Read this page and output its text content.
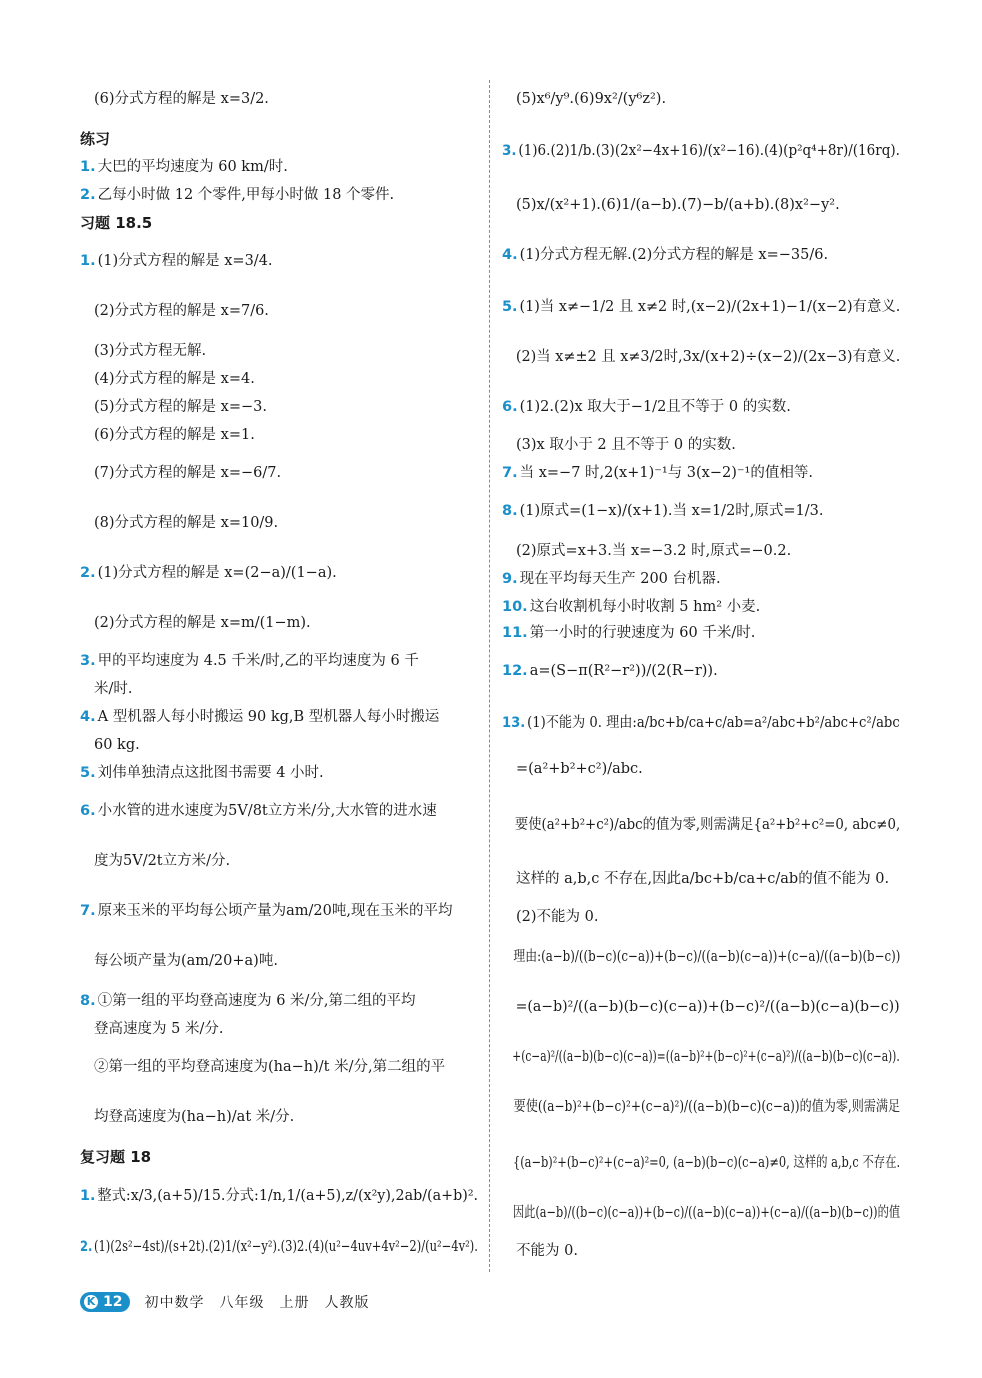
(6)分式方程的解是 x=3/2.
练习
1. 大巴的平均速度为 60 km/时.
2. 乙每小时做 12 个零件,甲每小时做 18 个零件.
习题 18.5
1. (1)分式方程的解是 x=3/4.
(2)分式方程的解是 x=7/6.
(3)分式方程无解.
(4)分式方程的解是 x=4.
(5)分式方程的解是 x=−3.
(6)分式方程的解是 x=1.
(7)分式方程的解是 x=−6/7.
(8)分式方程的解是 x=10/9.
2. (1)分式方程的解是 x=(2−a)/(1−a).
(2)分式方程的解是 x=m/(1−m).
3. 甲的平均速度为 4.5 千米/时,乙的平均速度为 6 千
米/时.
4. A 型机器人每小时搬运 90 kg,B 型机器人每小时搬运
60 kg.
5. 刘伟单独清点这批图书需要 4 小时.
6. 小水管的进水速度为5V/8t立方米/分,大水管的进水速
度为5V/2t立方米/分.
7. 原来玉米的平均每公顷产量为am/20吨,现在玉米的平均
每公顷产量为(am/20+a)吨.
8. ①第一组的平均登高速度为 6 米/分,第二组的平均
登高速度为 5 米/分.
②第一组的平均登高速度为(ha−h)/t 米/分,第二组的平
均登高速度为(ha−h)/at 米/分.
复习题 18
1. 整式:x/3,(a+5)/15.分式:1/n,1/(a+5),z/(x²y),2ab/(a+b)².
2. (1)(2s²−4st)/(s+2t).(2)1/(x²−y²).(3)2.(4)(u²−4uv+4v²−2)/(u²−4v²).
(5)x⁶/y⁹.(6)9x²/(y⁶z²).
3. (1)6.(2)1/b.(3)(2x²−4x+16)/(x²−16).(4)(p²q⁴+8r)/(16rq).
(5)x/(x²+1).(6)1/(a−b).(7)−b/(a+b).(8)x²−y².
4. (1)分式方程无解.(2)分式方程的解是 x=−35/6.
5. (1)当 x≠−1/2 且 x≠2 时,(x−2)/(2x+1)−1/(x−2)有意义.
(2)当 x≠±2 且 x≠3/2时,3x/(x+2)÷(x−2)/(2x−3)有意义.
6. (1)2.(2)x 取大于−1/2且不等于 0 的实数.
(3)x 取小于 2 且不等于 0 的实数.
7. 当 x=−7 时,2(x+1)⁻¹与 3(x−2)⁻¹的值相等.
8. (1)原式=(1−x)/(x+1).当 x=1/2时,原式=1/3.
(2)原式=x+3.当 x=−3.2 时,原式=−0.2.
9. 现在平均每天生产 200 台机器.
10. 这台收割机每小时收割 5 hm² 小麦.
11. 第一小时的行驶速度为 60 千米/时.
12. a=(S−π(R²−r²))/(2(R−r)).
13. (1)不能为 0. 理由:a/bc+b/ca+c/ab=a²/abc+b²/abc+c²/abc
=(a²+b²+c²)/abc.
要使(a²+b²+c²)/abc的值为零,则需满足{a²+b²+c²=0, abc≠0,
这样的 a,b,c 不存在,因此a/bc+b/ca+c/ab的值不能为 0.
(2)不能为 0.
理由:(a−b)/((b−c)(c−a))+(b−c)/((a−b)(c−a))+(c−a)/((a−b)(b−c))
=(a−b)²/((a−b)(b−c)(c−a))+(b−c)²/((a−b)(c−a)(b−c))
+(c−a)²/((a−b)(b−c)(c−a))=((a−b)²+(b−c)²+(c−a)²)/((a−b)(b−c)(c−a)).
要使((a−b)²+(b−c)²+(c−a)²)/((a−b)(b−c)(c−a))的值为零,则需满足
{(a−b)²+(b−c)²+(c−a)²=0, (a−b)(b−c)(c−a)≠0, 这样的 a,b,c 不存在.
因此(a−b)/((b−c)(c−a))+(b−c)/((a−b)(c−a))+(c−a)/((a−b)(b−c))的值
不能为 0.
K 12 初中数学　八年级　上册　人教版
